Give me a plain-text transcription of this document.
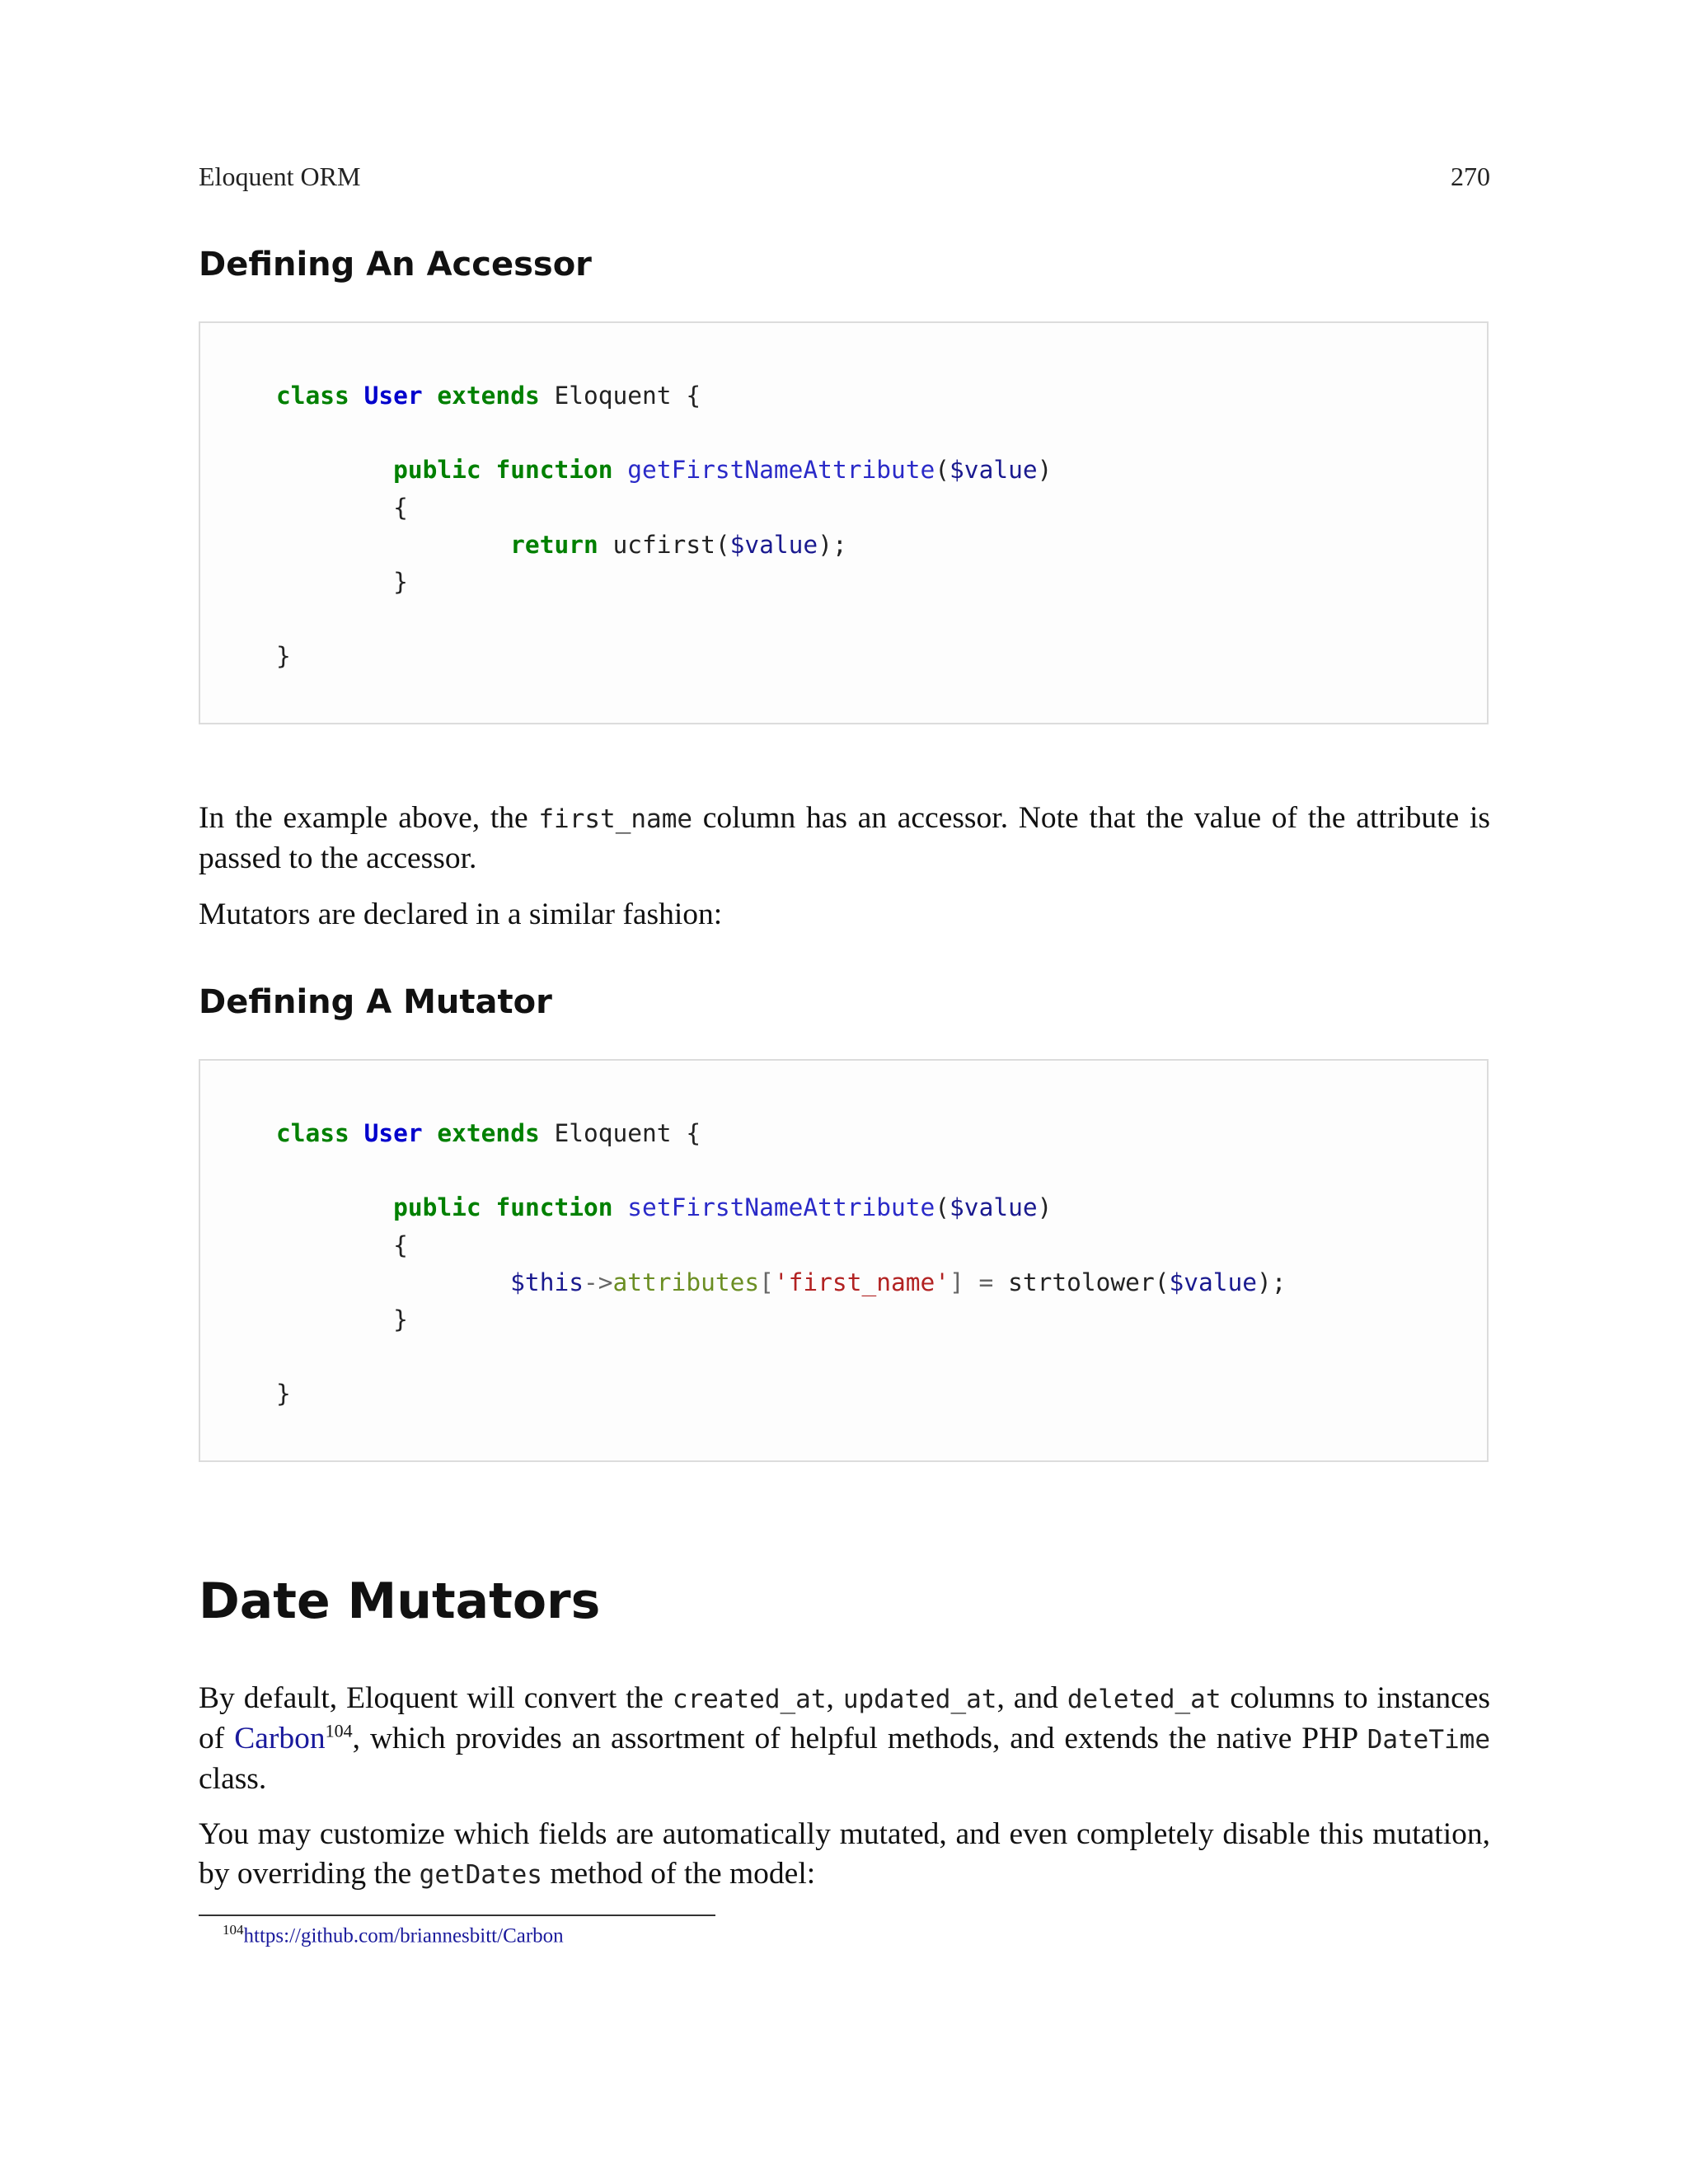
Eloquent ORM	270
Defining An Accessor
class User extends Eloquent {

public function getFirstNameAttribute($value)
{
return ucfirst($value);
}

}

In the example above, the first_name column has an accessor. Note that the value of the attribute is passed to the accessor.

Mutators are declared in a similar fashion:

Defining A Mutator
class User extends Eloquent {

public function setFirstNameAttribute($value)
{
$this->attributes['first_name'] = strtolower($value);
}

}
Date Mutators

By default, Eloquent will convert the created_at, updated_at, and deleted_at columns to instances of Carbon$^{104}$, which provides an assortment of helpful methods, and extends the native PHP DateTime class.

You may customize which fields are automatically mutated, and even completely disable this mutation, by overriding the getDates method of the model:

$^{104}$https://github.com/briannesbitt/Carbon
